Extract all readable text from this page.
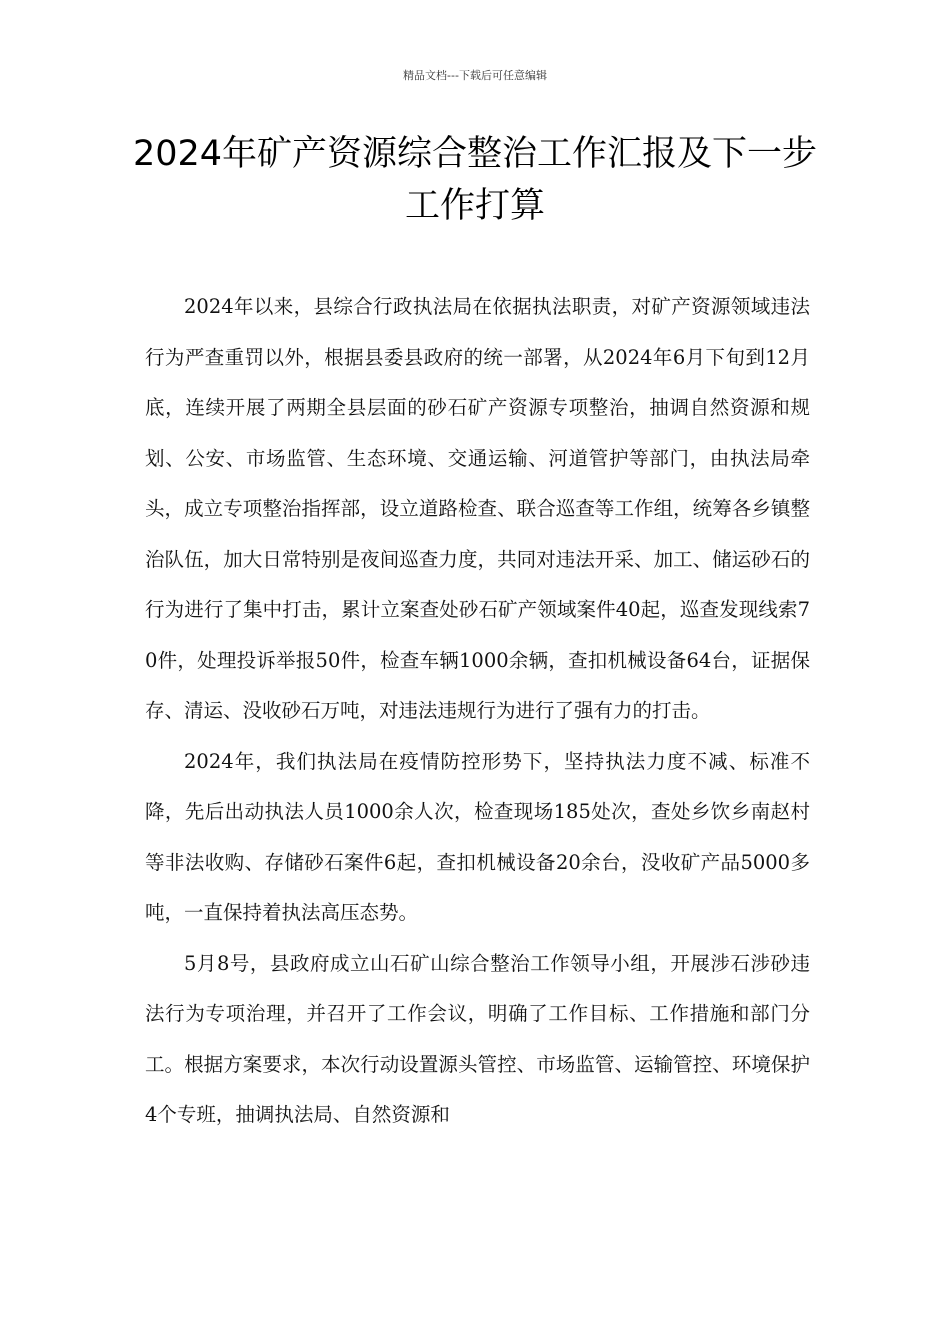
精品文档---下载后可任意编辑
2024年矿产资源综合整治工作汇报及下一步工作打算

2024年以来，县综合行政执法局在依据执法职责，对矿产资源领域违法行为严查重罚以外，根据县委县政府的统一部署，从2024年6月下旬到12月底，连续开展了两期全县层面的砂石矿产资源专项整治，抽调自然资源和规划、公安、市场监管、生态环境、交通运输、河道管护等部门，由执法局牵头，成立专项整治指挥部，设立道路检查、联合巡查等工作组，统筹各乡镇整治队伍，加大日常特别是夜间巡查力度，共同对违法开采、加工、储运砂石的行为进行了集中打击，累计立案查处砂石矿产领域案件40起，巡查发现线索70件，处理投诉举报50件，检查车辆1000余辆，查扣机械设备64台，证据保存、清运、没收砂石万吨，对违法违规行为进行了强有力的打击。

2024年，我们执法局在疫情防控形势下，坚持执法力度不减、标准不降，先后出动执法人员1000余人次，检查现场185处次，查处乡饮乡南赵村等非法收购、存储砂石案件6起，查扣机械设备20余台，没收矿产品5000多吨，一直保持着执法高压态势。

5月8号，县政府成立山石矿山综合整治工作领导小组，开展涉石涉砂违法行为专项治理，并召开了工作会议，明确了工作目标、工作措施和部门分工。根据方案要求，本次行动设置源头管控、市场监管、运输管控、环境保护4个专班，抽调执法局、自然资源和
